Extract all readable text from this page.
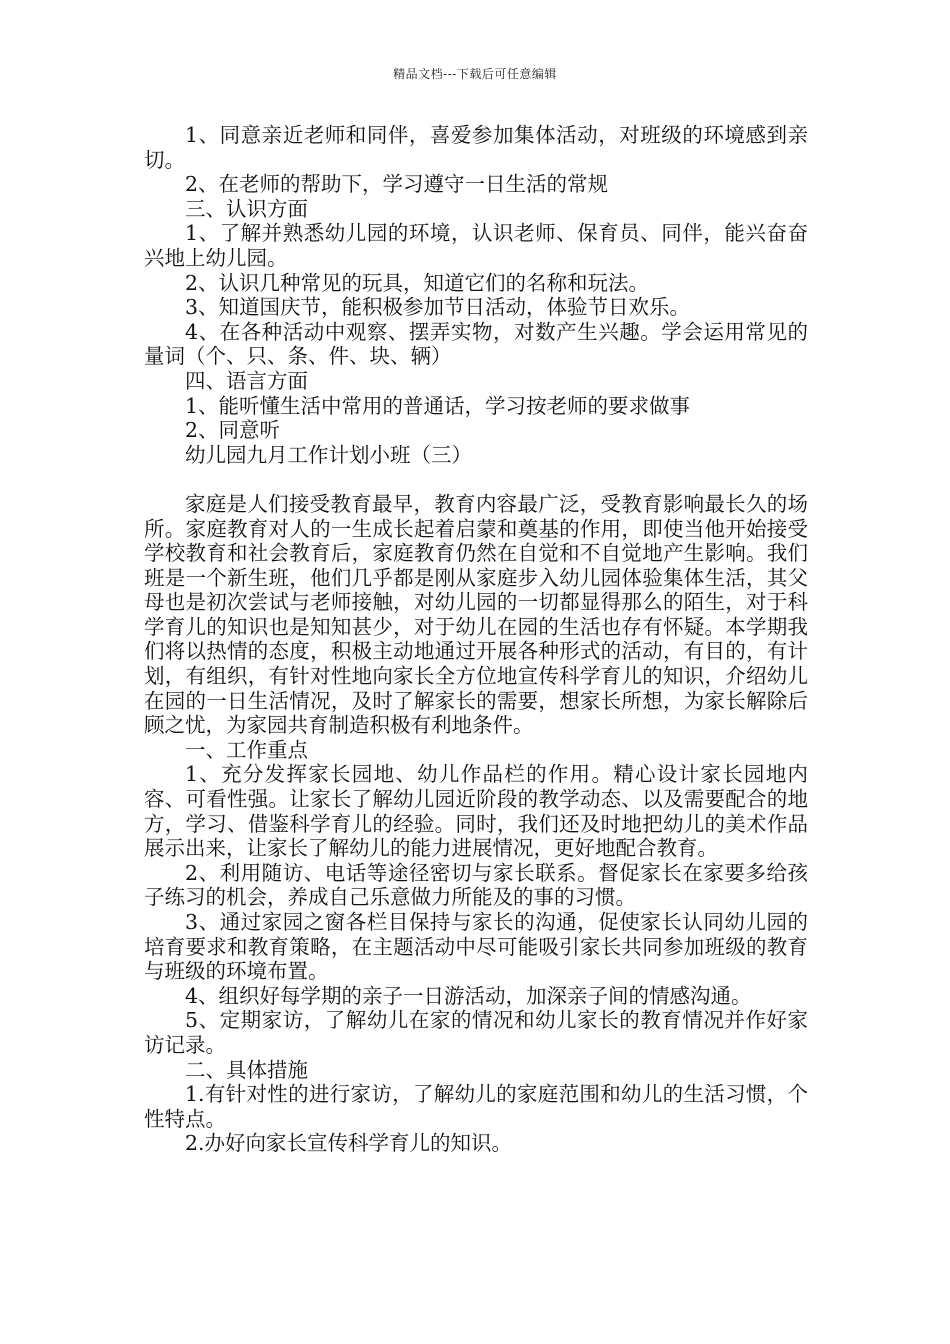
精品文档---下载后可任意编辑

1、同意亲近老师和同伴，喜爱参加集体活动，对班级的环境感到亲切。

2、在老师的帮助下，学习遵守一日生活的常规

三、认识方面

1、了解并熟悉幼儿园的环境，认识老师、保育员、同伴，能兴奋奋兴地上幼儿园。

2、认识几种常见的玩具，知道它们的名称和玩法。

3、知道国庆节，能积极参加节日活动，体验节日欢乐。

4、在各种活动中观察、摆弄实物，对数产生兴趣。学会运用常见的量词（个、只、条、件、块、辆）

四、语言方面

1、能听懂生活中常用的普通话，学习按老师的要求做事

2、同意听

幼儿园九月工作计划小班（三）

家庭是人们接受教育最早，教育内容最广泛，受教育影响最长久的场所。家庭教育对人的一生成长起着启蒙和奠基的作用，即使当他开始接受学校教育和社会教育后，家庭教育仍然在自觉和不自觉地产生影响。我们班是一个新生班，他们几乎都是刚从家庭步入幼儿园体验集体生活，其父母也是初次尝试与老师接触，对幼儿园的一切都显得那么的陌生，对于科学育儿的知识也是知知甚少，对于幼儿在园的生活也存有怀疑。本学期我们将以热情的态度，积极主动地通过开展各种形式的活动，有目的，有计划，有组织，有针对性地向家长全方位地宣传科学育儿的知识，介绍幼儿在园的一日生活情况，及时了解家长的需要，想家长所想，为家长解除后顾之忧，为家园共育制造积极有利地条件。

一、工作重点

1、充分发挥家长园地、幼儿作品栏的作用。精心设计家长园地内容、可看性强。让家长了解幼儿园近阶段的教学动态、以及需要配合的地方，学习、借鉴科学育儿的经验。同时，我们还及时地把幼儿的美术作品展示出来，让家长了解幼儿的能力进展情况，更好地配合教育。

2、利用随访、电话等途径密切与家长联系。督促家长在家要多给孩子练习的机会，养成自己乐意做力所能及的事的习惯。

3、通过家园之窗各栏目保持与家长的沟通，促使家长认同幼儿园的培育要求和教育策略，在主题活动中尽可能吸引家长共同参加班级的教育与班级的环境布置。

4、组织好每学期的亲子一日游活动，加深亲子间的情感沟通。

5、定期家访，了解幼儿在家的情况和幼儿家长的教育情况并作好家访记录。

二、具体措施

1.有针对性的进行家访，了解幼儿的家庭范围和幼儿的生活习惯，个性特点。

2.办好向家长宣传科学育儿的知识。
